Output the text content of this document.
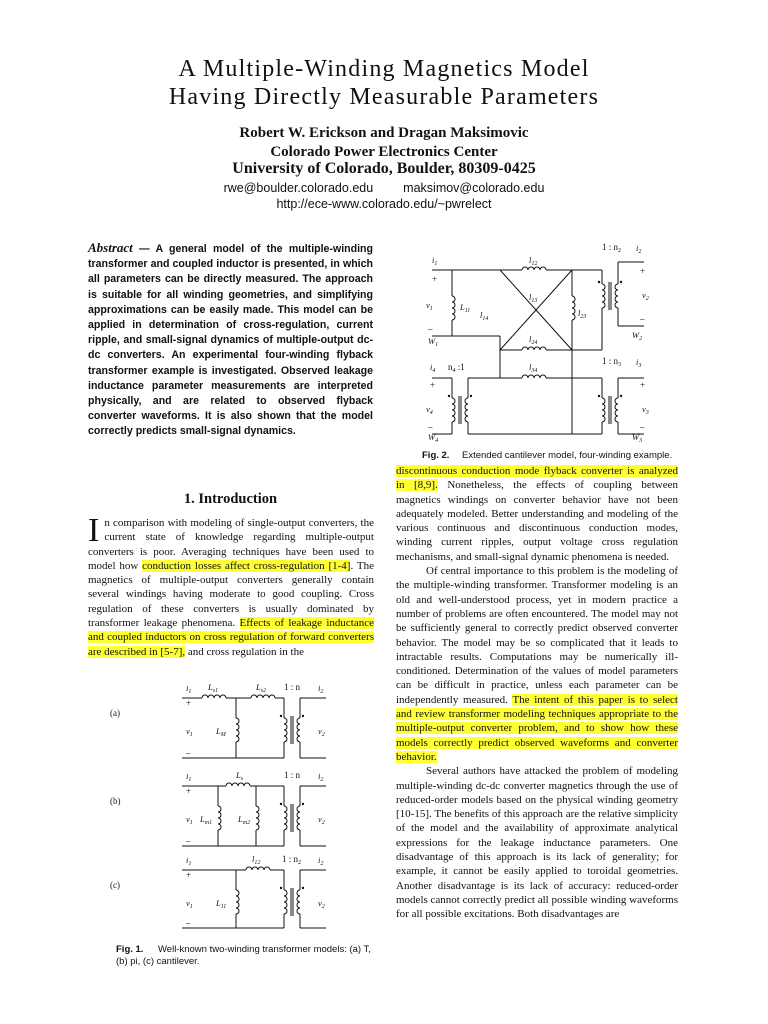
A Multiple-Winding Magnetics Model
Having Directly Measurable Parameters
Robert W. Erickson and Dragan Maksimovic
Colorado Power Electronics Center
University of Colorado, Boulder, 80309-0425
rwe@boulder.colorado.edu maksimov@colorado.edu
http://ece-www.colorado.edu/~pwrelect
Abstract — A general model of the multiple-winding transformer and coupled inductor is presented, in which all parameters can be directly measured. The approach is suitable for all winding geometries, and simplifying approximations can be easily made. This model can be applied in determination of cross-regulation, current ripple, and small-signal dynamics of multiple-output dc-dc converters. An experimental four-winding flyback transformer example is investigated. Observed leakage inductance parameter measurements are interpreted physically, and are related to observed flyback converter waveforms. It is also shown that the model correctly predicts small-signal dynamics.
1. Introduction
In comparison with modeling of single-output converters, the current state of knowledge regarding multiple-output converters is poor. Averaging techniques have been used to model how conduction losses affect cross-regulation [1-4]. The magnetics of multiple-output converters generally contain several windings having moderate to good coupling. Cross regulation of these converters is usually dominated by transformer leakage phenomena. Effects of leakage inductance and coupled inductors on cross regulation of forward converters are described in [5-7], and cross regulation in the
(a)
$i_1$ $L_{s1}$	$L_{s2}$
$L_M$
$v_1$	$v_2$
1 : n $i_2$
+
–
(b)
$i_1$	$L_s$
$L_{m1}$	$L_{m2}$
$v_1$	$v_2$
1 : n $i_2$
+
–
(c)
$i_1$	$l_{12}$
$L_{11}$
$v_1$	$v_2$
1 : $n_2$ $i_2$
+
–
Fig. 1. Well-known two-winding transformer models: (a) T, (b) pi, (c) cantilever.
$i_1$
+
$v_1$	$L_{11}$
–
$W_1$
$l_{12}$
$l_{13}$
$l_{14}$
$l_{23}$
$l_{24}$
$l_{34}$
1 : $n_2$ $i_2$
+
$v_2$
–
$W_2$
$i_4$ $n_4$ :1
+
$v_4$
–
$W_4$
1 : $n_3$ $i_3$
+
$v_3$
–
$W_3$
Fig. 2. Extended cantilever model, four-winding example.

discontinuous conduction mode flyback converter is analyzed in [8,9]. Nonetheless, the effects of coupling between magnetics windings on converter behavior have not been adequately modeled. Better understanding and modeling of the various continuous and discontinuous conduction modes, winding current ripples, output voltage cross regulation mechanisms, and small-signal dynamic phenomena is needed.

Of central importance to this problem is the modeling of the multiple-winding transformer. Transformer modeling is an old and well-understood process, yet in modern practice a number of problems are often encountered. The model may not be sufficiently general to correctly predict observed converter behavior. The model may be so complicated that it leads to intractable results. Computations may be numerically ill-conditioned. Determination of the values of model parameters can be difficult in practice, unless each parameter can be independently measured. The intent of this paper is to select and review transformer modeling techniques appropriate to the multiple-output converter problem, and to show how these models correctly predict observed waveforms and converter behavior.

Several authors have attacked the problem of modeling multiple-winding dc-dc converter magnetics through the use of reduced-order models based on the physical winding geometry [10-15]. The benefits of this approach are the relative simplicity of the model and the availability of approximate analytical expressions for the leakage inductance parameters. One disadvantage of this approach is its lack of generality; for example, it cannot be easily applied to toroidal geometries. Another disadvantage is its lack of accuracy: reduced-order models cannot correctly predict all possible winding waveforms for all possible excitations. Both disadvantages are
